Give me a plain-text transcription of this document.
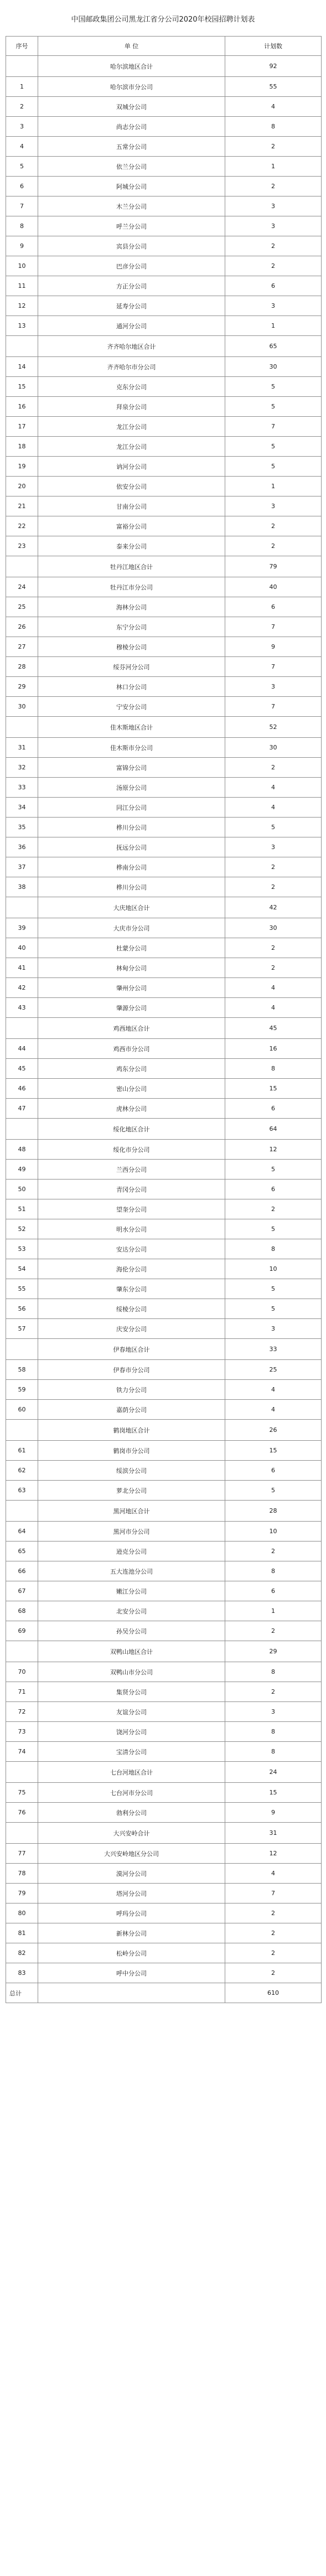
中国邮政集团公司黑龙江省分公司2020年校园招聘计划表
序号	单 位	计划数
	哈尔滨地区合计	92
1	哈尔滨市分公司	55
2	双城分公司	4
3	尚志分公司	8
4	五常分公司	2
5	依兰分公司	1
6	阿城分公司	2
7	木兰分公司	3
8	呼兰分公司	3
9	宾县分公司	2
10	巴彦分公司	2
11	方正分公司	6
12	延寿分公司	3
13	通河分公司	1
	齐齐哈尔地区合计	65
14	齐齐哈尔市分公司	30
15	克东分公司	5
16	拜泉分公司	5
17	龙江分公司	7
18	龙江分公司	5
19	讷河分公司	5
20	依安分公司	1
21	甘南分公司	3
22	富裕分公司	2
23	泰来分公司	2
	牡丹江地区合计	79
24	牡丹江市分公司	40
25	海林分公司	6
26	东宁分公司	7
27	穆棱分公司	9
28	绥芬河分公司	7
29	林口分公司	3
30	宁安分公司	7
	佳木斯地区合计	52
31	佳木斯市分公司	30
32	富锦分公司	2
33	汤原分公司	4
34	同江分公司	4
35	桦川分公司	5
36	抚远分公司	3
37	桦南分公司	2
38	桦川分公司	2
	大庆地区合计	42
39	大庆市分公司	30
40	杜蒙分公司	2
41	林甸分公司	2
42	肇州分公司	4
43	肇源分公司	4
	鸡西地区合计	45
44	鸡西市分公司	16
45	鸡东分公司	8
46	密山分公司	15
47	虎林分公司	6
	绥化地区合计	64
48	绥化市分公司	12
49	兰西分公司	5
50	青冈分公司	6
51	望奎分公司	2
52	明水分公司	5
53	安达分公司	8
54	海伦分公司	10
55	肇东分公司	5
56	绥棱分公司	5
57	庆安分公司	3
	伊春地区合计	33
58	伊春市分公司	25
59	铁力分公司	4
60	嘉荫分公司	4
	鹤岗地区合计	26
61	鹤岗市分公司	15
62	绥滨分公司	6
63	萝北分公司	5
	黑河地区合计	28
64	黑河市分公司	10
65	逊克分公司	2
66	五大连池分公司	8
67	嫩江分公司	6
68	北安分公司	1
69	孙吴分公司	2
	双鸭山地区合计	29
70	双鸭山市分公司	8
71	集贤分公司	2
72	友谊分公司	3
73	饶河分公司	8
74	宝清分公司	8
	七台河地区合计	24
75	七台河市分公司	15
76	勃利分公司	9
	大兴安岭合计	31
77	大兴安岭地区分公司	12
78	漠河分公司	4
79	塔河分公司	7
80	呼玛分公司	2
81	新林分公司	2
82	松岭分公司	2
83	呼中分公司	2
总计		610
